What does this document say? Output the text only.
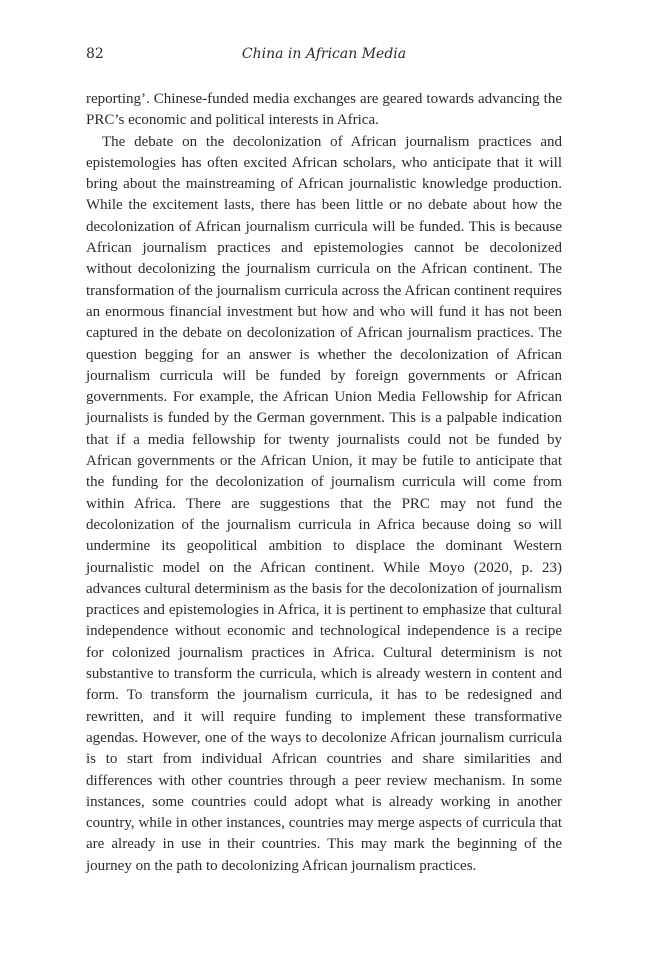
82	China in African Media

reporting’. Chinese-funded media exchanges are geared towards advancing the PRC’s economic and political interests in Africa.

The debate on the decolonization of African journalism practices and epistemologies has often excited African scholars, who anticipate that it will bring about the mainstreaming of African journalistic knowledge production. While the excitement lasts, there has been little or no debate about how the decolonization of African journalism curricula will be funded. This is because African journalism practices and epistemologies cannot be decolonized without decolonizing the journalism curricula on the African continent. The transformation of the journalism curricula across the African continent requires an enormous financial investment but how and who will fund it has not been captured in the debate on decolonization of African journalism practices. The question begging for an answer is whether the decolonization of African journalism curricula will be funded by foreign governments or African governments. For example, the African Union Media Fellowship for African journalists is funded by the German government. This is a palpable indication that if a media fellowship for twenty journalists could not be funded by African governments or the African Union, it may be futile to anticipate that the funding for the decolonization of journalism curricula will come from within Africa. There are suggestions that the PRC may not fund the decolonization of the journalism curricula in Africa because doing so will undermine its geopolitical ambition to displace the dominant Western journalistic model on the African continent. While Moyo (2020, p. 23) advances cultural determinism as the basis for the decolonization of journalism practices and epistemologies in Africa, it is pertinent to emphasize that cultural independence without economic and technological independence is a recipe for colonized journalism practices in Africa. Cultural determinism is not substantive to transform the curricula, which is already western in content and form. To transform the journalism curricula, it has to be redesigned and rewritten, and it will require funding to implement these transformative agendas. However, one of the ways to decolonize African journalism curricula is to start from individual African countries and share similarities and differences with other countries through a peer review mechanism. In some instances, some countries could adopt what is already working in another country, while in other instances, countries may merge aspects of curricula that are already in use in their countries. This may mark the beginning of the journey on the path to decolonizing African journalism practices.
